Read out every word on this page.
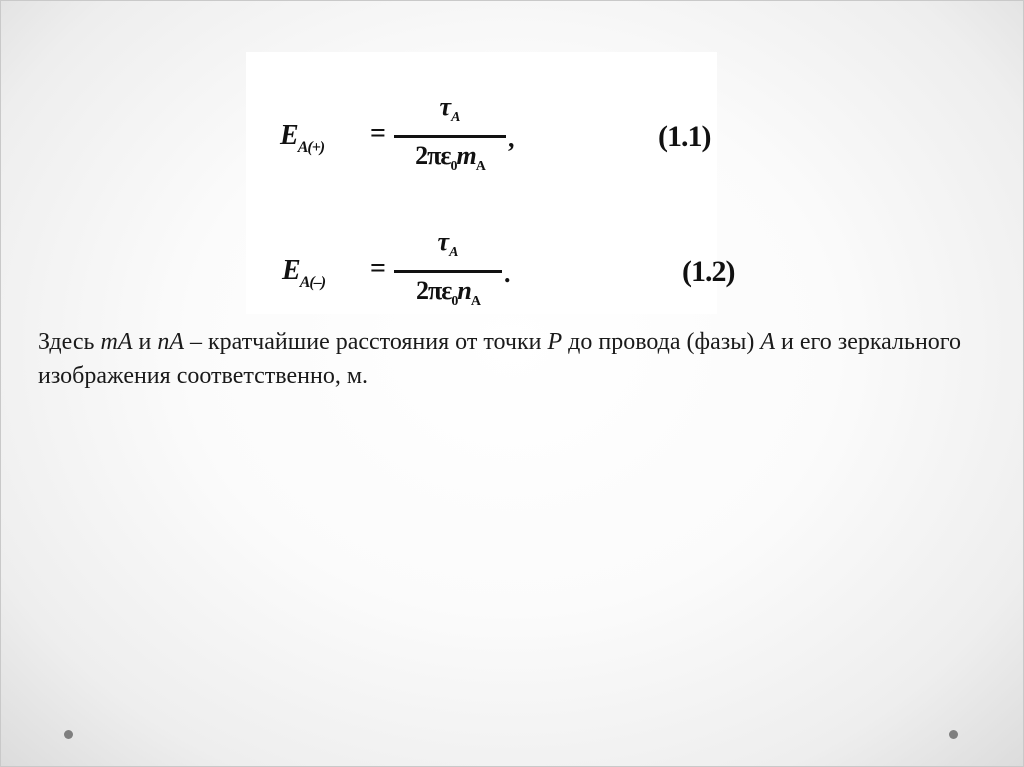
$E_{A(+)}$ =
$\tau_A$
$2\pi\varepsilon_0m_A$
,	(1.1)
$E_{A(-)}$ =
$\tau_A$
$2\pi\varepsilon_0n_A$
.	(1.2)
Здесь mA и nA – кратчайшие расстояния от точки P до провода (фазы) A и его зеркального изображения соответственно, м.
